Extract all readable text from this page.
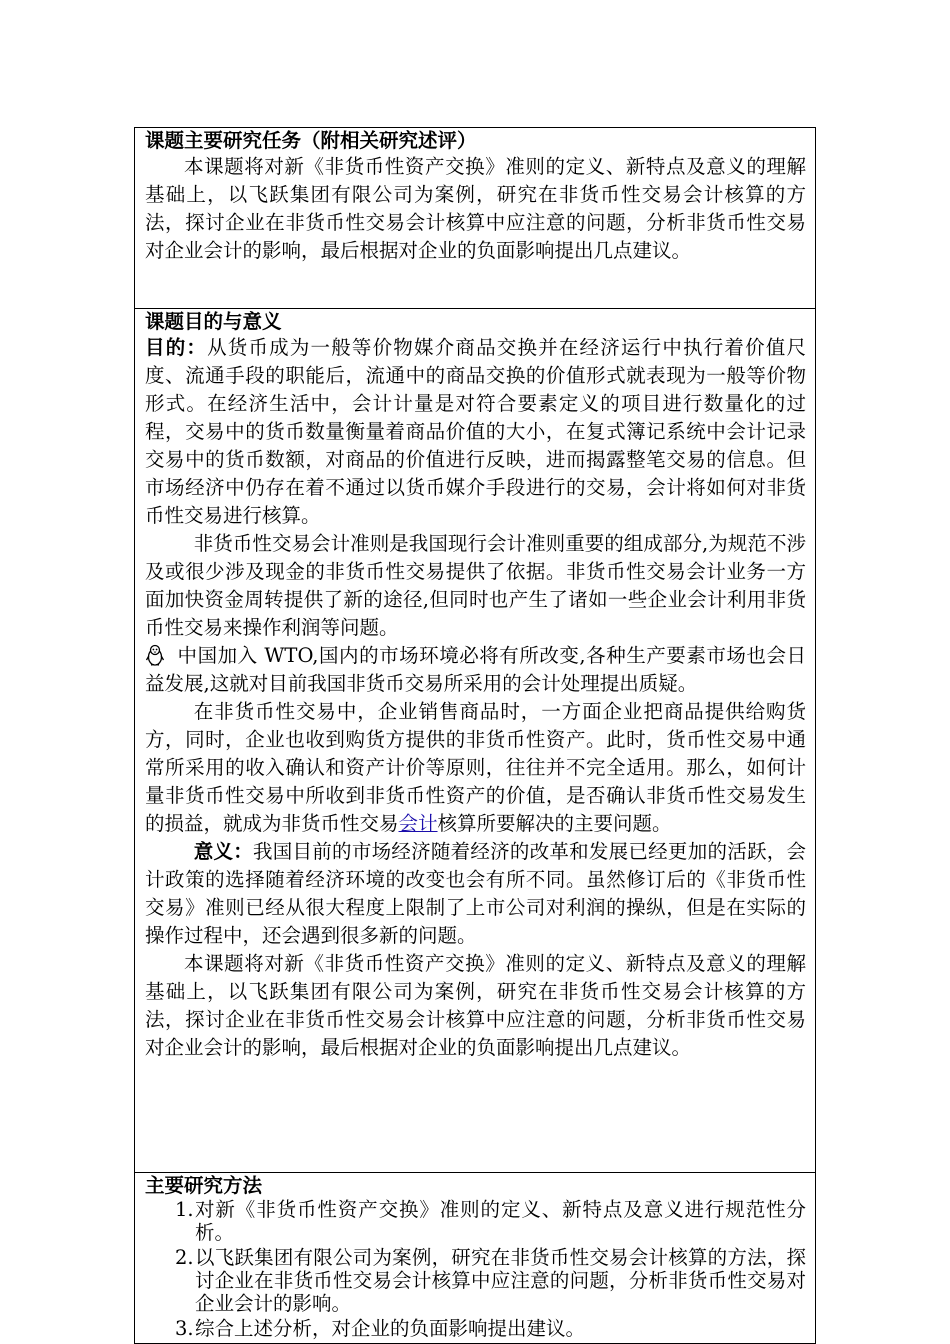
课题主要研究任务（附相关研究述评）

本课题将对新《非货币性资产交换》准则的定义、新特点及意义的理解基础上，以飞跃集团有限公司为案例，研究在非货币性交易会计核算的方法，探讨企业在非货币性交易会计核算中应注意的问题，分析非货币性交易对企业会计的影响，最后根据对企业的负面影响提出几点建议。

课题目的与意义

目的：从货币成为一般等价物媒介商品交换并在经济运行中执行着价值尺度、流通手段的职能后，流通中的商品交换的价值形式就表现为一般等价物形式。在经济生活中，会计计量是对符合要素定义的项目进行数量化的过程，交易中的货币数量衡量着商品价值的大小，在复式簿记系统中会计记录交易中的货币数额，对商品的价值进行反映，进而揭露整笔交易的信息。但市场经济中仍存在着不通过以货币媒介手段进行的交易，会计将如何对非货币性交易进行核算。

非货币性交易会计准则是我国现行会计准则重要的组成部分,为规范不涉及或很少涉及现金的非货币性交易提供了依据。非货币性交易会计业务一方面加快资金周转提供了新的途径,但同时也产生了诸如一些企业会计利用非货币性交易来操作利润等问题。

中国加入 WTO,国内的市场环境必将有所改变,各种生产要素市场也会日益发展,这就对目前我国非货币交易所采用的会计处理提出质疑。

在非货币性交易中，企业销售商品时，一方面企业把商品提供给购货方，同时，企业也收到购货方提供的非货币性资产。此时，货币性交易中通常所采用的收入确认和资产计价等原则，往往并不完全适用。那么，如何计量非货币性交易中所收到非货币性资产的价值，是否确认非货币性交易发生的损益，就成为非货币性交易会计核算所要解决的主要问题。

意义：我国目前的市场经济随着经济的改革和发展已经更加的活跃，会计政策的选择随着经济环境的改变也会有所不同。虽然修订后的《非货币性交易》准则已经从很大程度上限制了上市公司对利润的操纵，但是在实际的操作过程中，还会遇到很多新的问题。

本课题将对新《非货币性资产交换》准则的定义、新特点及意义的理解基础上，以飞跃集团有限公司为案例，研究在非货币性交易会计核算的方法，探讨企业在非货币性交易会计核算中应注意的问题，分析非货币性交易对企业会计的影响，最后根据对企业的负面影响提出几点建议。

主要研究方法

1. 对新《非货币性资产交换》准则的定义、新特点及意义进行规范性分析。
2. 以飞跃集团有限公司为案例，研究在非货币性交易会计核算的方法，探讨企业在非货币性交易会计核算中应注意的问题，分析非货币性交易对企业会计的影响。
3. 综合上述分析，对企业的负面影响提出建议。
